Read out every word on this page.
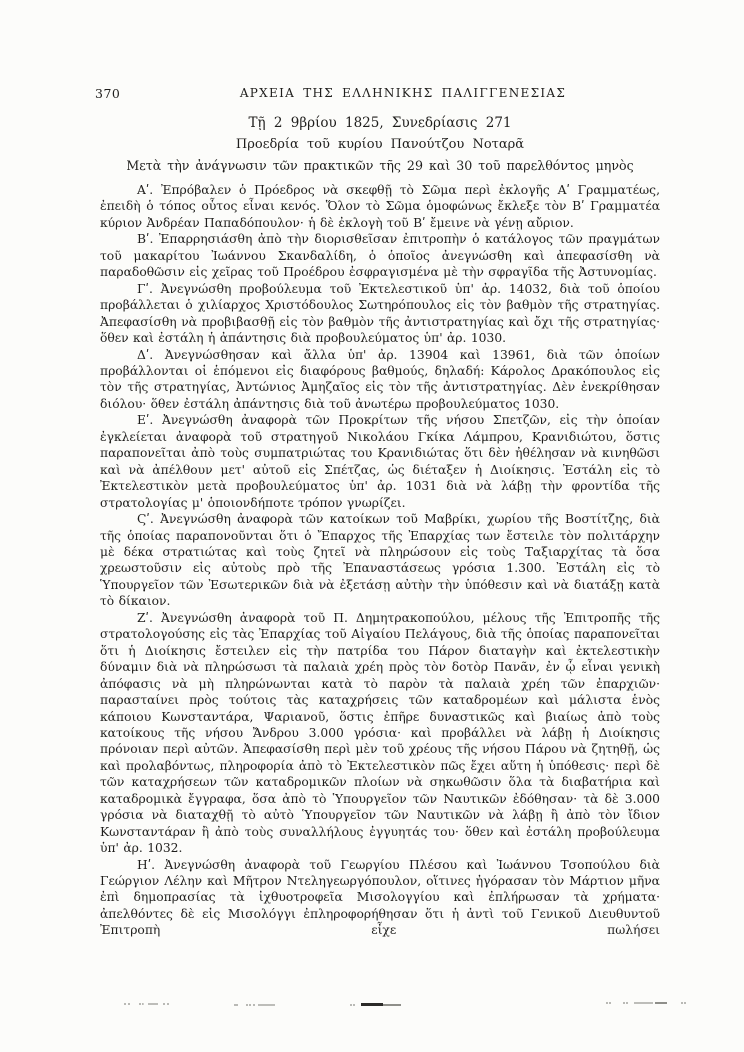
370	ΑΡΧΕΙΑ ΤΗΣ ΕΛΛΗΝΙΚΗΣ ΠΑΛΙΓΓΕΝΕΣΙΑΣ

Τῇ 2 9βρίου 1825, Συνεδρίασις 271

Προεδρία τοῦ κυρίου Πανούτζου Νοταρᾶ

Μετὰ τὴν ἀνάγνωσιν τῶν πρακτικῶν τῆς 29 καὶ 30 τοῦ παρελθόντος μηνὸς

Αʹ. Ἐπρόβαλεν ὁ Πρόεδρος νὰ σκεφθῇ τὸ Σῶμα περὶ ἐκλογῆς Αʹ Γραμματέως, ἐπειδὴ ὁ τόπος οὗτος εἶναι κενός. Ὅλον τὸ Σῶμα ὁμοφώνως ἔκλεξε τὸν Βʹ Γραμματέα κύριον Ἀνδρέαν Παπαδόπουλον· ἡ δὲ ἐκλογὴ τοῦ Βʹ ἔμεινε νὰ γένῃ αὔριον.

Βʹ. Ἐπαρρησιάσθη ἀπὸ τὴν διορισθεῖσαν ἐπιτροπὴν ὁ κατάλογος τῶν πραγμάτων τοῦ μακαρίτου Ἰωάννου Σκανδαλίδη, ὁ ὁποῖος ἀνεγνώσθη καὶ ἀπεφασίσθη νὰ παραδοθῶσιν εἰς χεῖρας τοῦ Προέδρου ἐσφραγισμένα μὲ τὴν σφραγῖδα τῆς Ἀστυνομίας.

Γʹ. Ἀνεγνώσθη προβούλευμα τοῦ Ἐκτελεστικοῦ ὑπ' ἀρ. 14032, διὰ τοῦ ὁποίου προβάλλεται ὁ χιλίαρχος Χριστόδουλος Σωτηρόπουλος εἰς τὸν βαθμὸν τῆς στρατηγίας. Ἀπεφασίσθη νὰ προβιβασθῇ εἰς τὸν βαθμὸν τῆς ἀντιστρατηγίας καὶ ὄχι τῆς στρατηγίας· ὅθεν καὶ ἐστάλη ἡ ἀπάντησις διὰ προβουλεύματος ὑπ' ἀρ. 1030.

Δʹ. Ἀνεγνώσθησαν καὶ ἄλλα ὑπ' ἀρ. 13904 καὶ 13961, διὰ τῶν ὁποίων προβάλλονται οἱ ἑπόμενοι εἰς διαφόρους βαθμούς, δηλαδή: Κάρολος Δρακόπουλος εἰς τὸν τῆς στρατηγίας, Ἀντώνιος Ἀμηζαῖος εἰς τὸν τῆς ἀντιστρατηγίας. Δὲν ἐνεκρίθησαν διόλου· ὅθεν ἐστάλη ἀπάντησις διὰ τοῦ ἀνωτέρω προβουλεύματος 1030.

Εʹ. Ἀνεγνώσθη ἀναφορὰ τῶν Προκρίτων τῆς νήσου Σπετζῶν, εἰς τὴν ὁποίαν ἐγκλείεται ἀναφορὰ τοῦ στρατηγοῦ Νικολάου Γκίκα Λάμπρου, Κρανιδιώτου, ὅστις παραπονεῖται ἀπὸ τοὺς συμπατριώτας του Κρανιδιώτας ὅτι δὲν ἠθέλησαν νὰ κινηθῶσι καὶ νὰ ἀπέλθουν μετ' αὐτοῦ εἰς Σπέτζας, ὡς διέταξεν ἡ Διοίκησις. Ἐστάλη εἰς τὸ Ἐκτελεστικὸν μετὰ προβουλεύματος ὑπ' ἀρ. 1031 διὰ νὰ λάβῃ τὴν φροντίδα τῆς στρατολογίας μ' ὁποιονδήποτε τρόπον γνωρίζει.

Ϛʹ. Ἀνεγνώσθη ἀναφορὰ τῶν κατοίκων τοῦ Μαβρίκι, χωρίου τῆς Βοστίτζης, διὰ τῆς ὁποίας παραπονοῦνται ὅτι ὁ Ἔπαρχος τῆς Ἐπαρχίας των ἔστειλε τὸν πολιτάρχην μὲ δέκα στρατιώτας καὶ τοὺς ζητεῖ νὰ πληρώσουν εἰς τοὺς Ταξιαρχίτας τὰ ὅσα χρεωστοῦσιν εἰς αὐτοὺς πρὸ τῆς Ἐπαναστάσεως γρόσια 1.300. Ἐστάλη εἰς τὸ Ὑπουργεῖον τῶν Ἐσωτερικῶν διὰ νὰ ἐξετάσῃ αὐτὴν τὴν ὑπόθεσιν καὶ νὰ διατάξῃ κατὰ τὸ δίκαιον.

Ζʹ. Ἀνεγνώσθη ἀναφορὰ τοῦ Π. Δημητρακοπούλου, μέλους τῆς Ἐπιτροπῆς τῆς στρατολογούσης εἰς τὰς Ἐπαρχίας τοῦ Αἰγαίου Πελάγους, διὰ τῆς ὁποίας παραπονεῖται ὅτι ἡ Διοίκησις ἔστειλεν εἰς τὴν πατρίδα του Πάρον διαταγὴν καὶ ἐκτελεστικὴν δύναμιν διὰ νὰ πληρώσωσι τὰ παλαιὰ χρέη πρὸς τὸν δοτὸρ Πανᾶν, ἐν ᾧ εἶναι γενικὴ ἀπόφασις νὰ μὴ πληρώνωνται κατὰ τὸ παρὸν τὰ παλαιὰ χρέη τῶν ἐπαρχιῶν· παρασταίνει πρὸς τούτοις τὰς καταχρήσεις τῶν καταδρομέων καὶ μάλιστα ἑνὸς κάποιου Κωνσταντάρα, Ψαριανοῦ, ὅστις ἐπῆρε δυναστικῶς καὶ βιαίως ἀπὸ τοὺς κατοίκους τῆς νήσου Ἄνδρου 3.000 γρόσια· καὶ προβάλλει νὰ λάβῃ ἡ Διοίκησις πρόνοιαν περὶ αὐτῶν. Ἀπεφασίσθη περὶ μὲν τοῦ χρέους τῆς νήσου Πάρου νὰ ζητηθῇ, ὡς καὶ προλαβόντως, πληροφορία ἀπὸ τὸ Ἐκτελεστικὸν πῶς ἔχει αὕτη ἡ ὑπόθεσις· περὶ δὲ τῶν καταχρήσεων τῶν καταδρομικῶν πλοίων νὰ σηκωθῶσιν ὅλα τὰ διαβατήρια καὶ καταδρομικὰ ἔγγραφα, ὅσα ἀπὸ τὸ Ὑπουργεῖον τῶν Ναυτικῶν ἐδόθησαν· τὰ δὲ 3.000 γρόσια νὰ διαταχθῇ τὸ αὐτὸ Ὑπουργεῖον τῶν Ναυτικῶν νὰ λάβῃ ἢ ἀπὸ τὸν ἴδιον Κωνσταντάραν ἢ ἀπὸ τοὺς συναλλήλους ἐγγυητάς του· ὅθεν καὶ ἐστάλη προβούλευμα ὑπ' ἀρ. 1032.

Ηʹ. Ἀνεγνώσθη ἀναφορὰ τοῦ Γεωργίου Πλέσου καὶ Ἰωάννου Τσοπούλου διὰ Γεώργιον Λέλην καὶ Μῆτρον Ντεληγεωργόπουλον, οἵτινες ἠγόρασαν τὸν Μάρτιον μῆνα ἐπὶ δημοπρασίας τὰ ἰχθυοτροφεῖα Μισολογγίου καὶ ἐπλήρωσαν τὰ χρήματα· ἀπελθόντες δὲ εἰς Μισολόγγι ἐπληροφορήθησαν ὅτι ἡ ἀντὶ τοῦ Γενικοῦ Διευθυντοῦ Ἐπιτροπὴ εἶχε πωλήσει
